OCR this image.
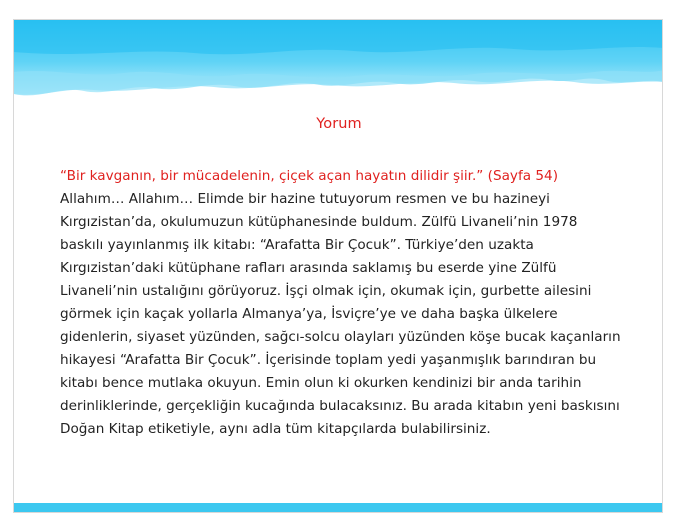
Yorum
“Bir kavganın, bir mücadelenin, çiçek açan hayatın dilidir şiir.” (Sayfa 54)
Allahım… Allahım… Elimde bir hazine tutuyorum resmen ve bu hazineyi
Kırgızistan’da, okulumuzun kütüphanesinde buldum. Zülfü Livaneli’nin 1978
baskılı yayınlanmış ilk kitabı: “Arafatta Bir Çocuk”. Türkiye’den uzakta
Kırgızistan’daki kütüphane rafları arasında saklamış bu eserde yine Zülfü
Livaneli’nin ustalığını görüyoruz. İşçi olmak için, okumak için, gurbette ailesini
görmek için kaçak yollarla Almanya’ya, İsviçre’ye ve daha başka ülkelere
gidenlerin, siyaset yüzünden, sağcı-solcu olayları yüzünden köşe bucak kaçanların
hikayesi “Arafatta Bir Çocuk”. İçerisinde toplam yedi yaşanmışlık barındıran bu
kitabı bence mutlaka okuyun. Emin olun ki okurken kendinizi bir anda tarihin
derinliklerinde, gerçekliğin kucağında bulacaksınız. Bu arada kitabın yeni baskısını
Doğan Kitap etiketiyle, aynı adla tüm kitapçılarda bulabilirsiniz.
